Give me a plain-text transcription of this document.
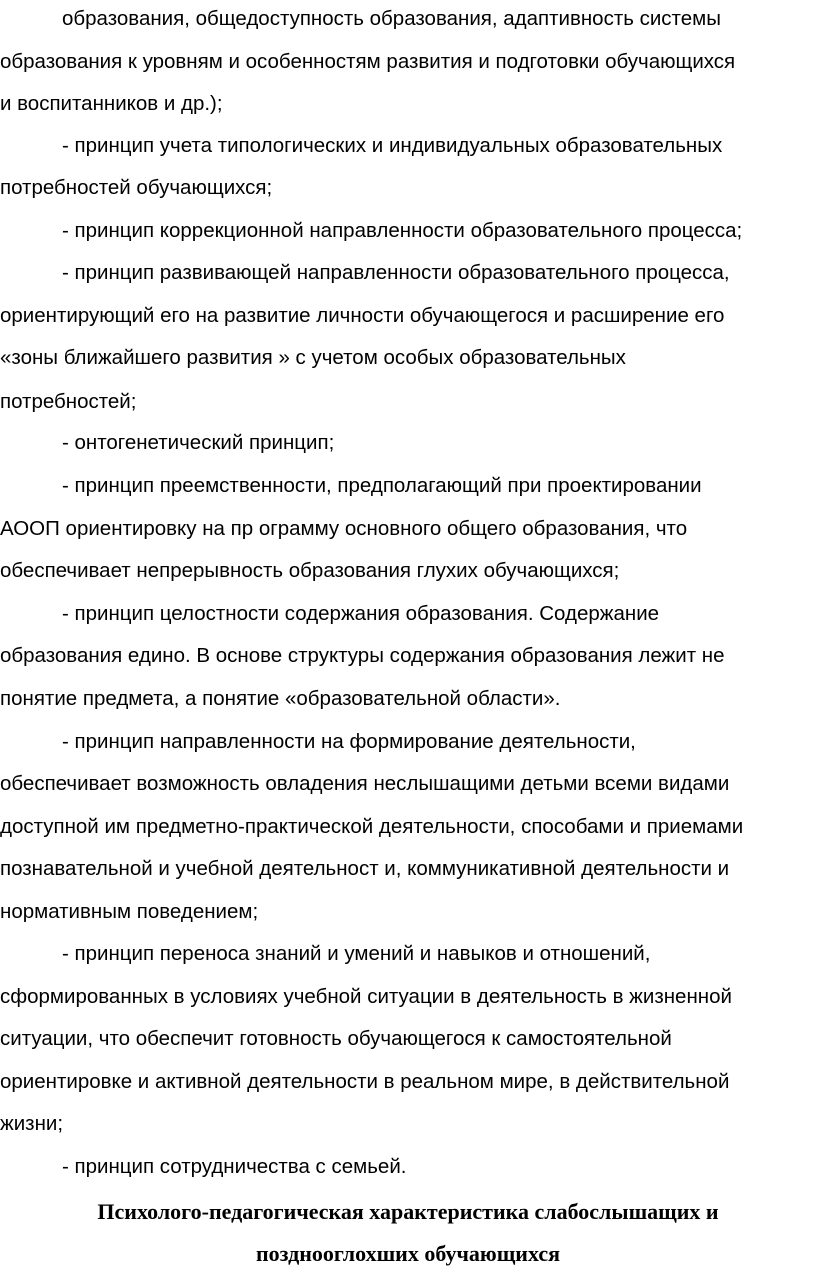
образования, общедоступность образования, адаптивность системы
образования к уровням и особенностям развития и подготовки обучающихся
и воспитанников и др.);
- принцип учета типологических и индивидуальных образовательных
потребностей обучающихся;
- принцип коррекционной направленности образовательного процесса;
- принцип развивающей направленности образовательного процесса,
ориентирующий его на развитие личности обучающегося и расширение его
«зоны ближайшего развития » с учетом особых образовательных
потребностей;
- онтогенетический принцип;
- принцип преемственности, предполагающий при проектировании
АООП ориентировку на пр ограмму основного общего образования, что
обеспечивает непрерывность образования глухих обучающихся;
- принцип целостности содержания образования. Содержание
образования едино. В основе структуры содержания образования лежит не
понятие предмета, а понятие «образовательной области».
- принцип направленности на формирование деятельности,
обеспечивает возможность овладения неслышащими детьми всеми видами
доступной им предметно-практической деятельности, способами и приемами
познавательной и учебной деятельност и, коммуникативной деятельности и
нормативным поведением;
- принцип переноса знаний и умений и навыков и отношений,
сформированных в условиях учебной ситуации в деятельность в жизненной
ситуации, что обеспечит готовность обучающегося к самостоятельной
ориентировке и активной деятельности в реальном мире, в действительной
жизни;
- принцип сотрудничества с семьей.
Психолого-педагогическая характеристика слабослышащих и
позднооглохших обучающихся
